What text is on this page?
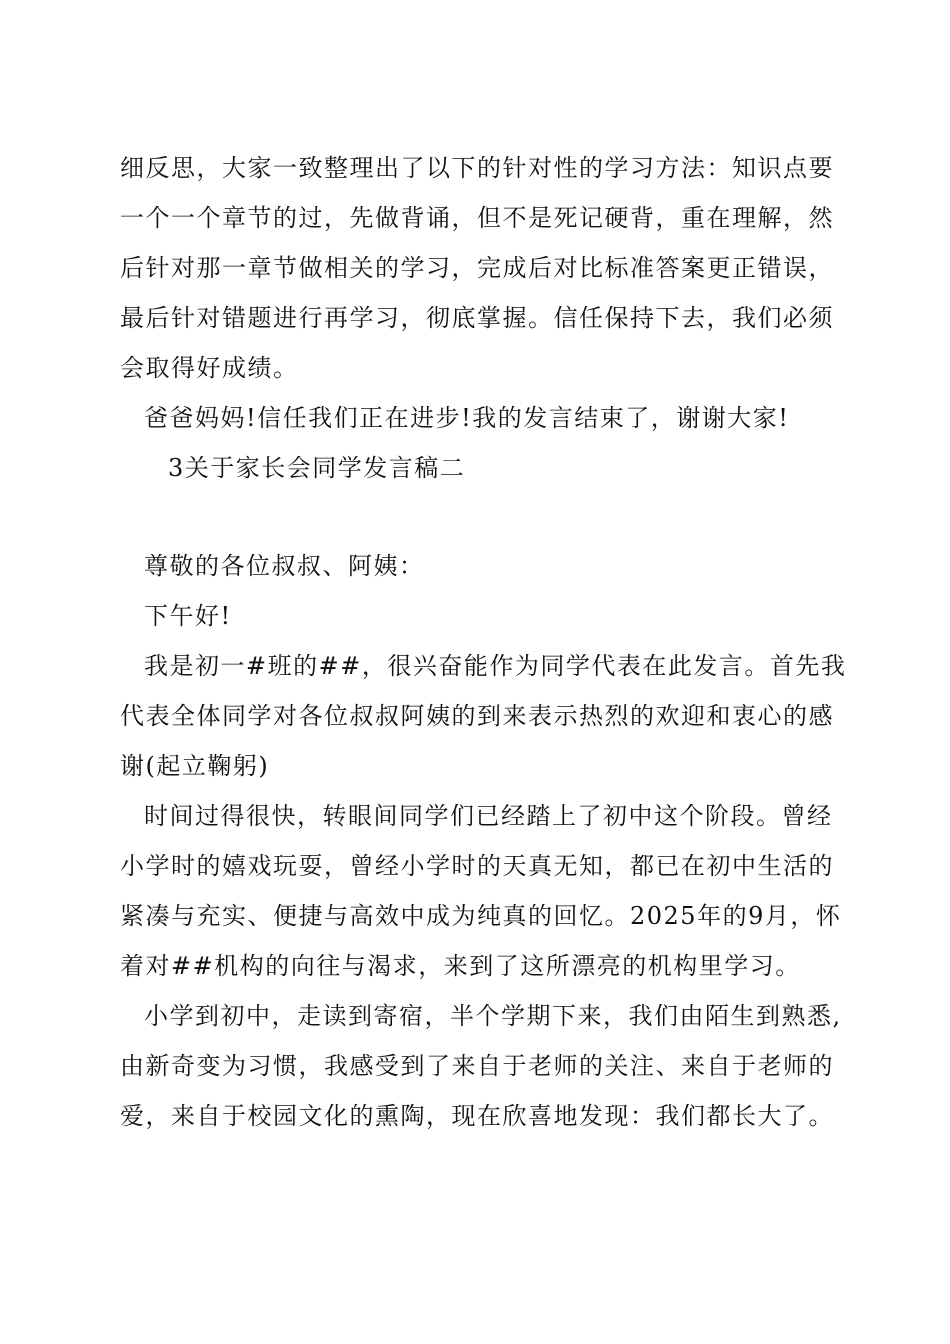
细反思，大家一致整理出了以下的针对性的学习方法：知识点要
一个一个章节的过，先做背诵，但不是死记硬背，重在理解，然
后针对那一章节做相关的学习，完成后对比标准答案更正错误，
最后针对错题进行再学习，彻底掌握。信任保持下去，我们必须
会取得好成绩。
爸爸妈妈!信任我们正在进步!我的发言结束了，谢谢大家!
3关于家长会同学发言稿二
尊敬的各位叔叔、阿姨：
下午好!
我是初一#班的##，很兴奋能作为同学代表在此发言。首先我
代表全体同学对各位叔叔阿姨的到来表示热烈的欢迎和衷心的感
谢(起立鞠躬)
时间过得很快，转眼间同学们已经踏上了初中这个阶段。曾经
小学时的嬉戏玩耍，曾经小学时的天真无知，都已在初中生活的
紧凑与充实、便捷与高效中成为纯真的回忆。2025年的9月，怀
着对##机构的向往与渴求，来到了这所漂亮的机构里学习。
小学到初中，走读到寄宿，半个学期下来，我们由陌生到熟悉,
由新奇变为习惯，我感受到了来自于老师的关注、来自于老师的
爱，来自于校园文化的熏陶，现在欣喜地发现：我们都长大了。
